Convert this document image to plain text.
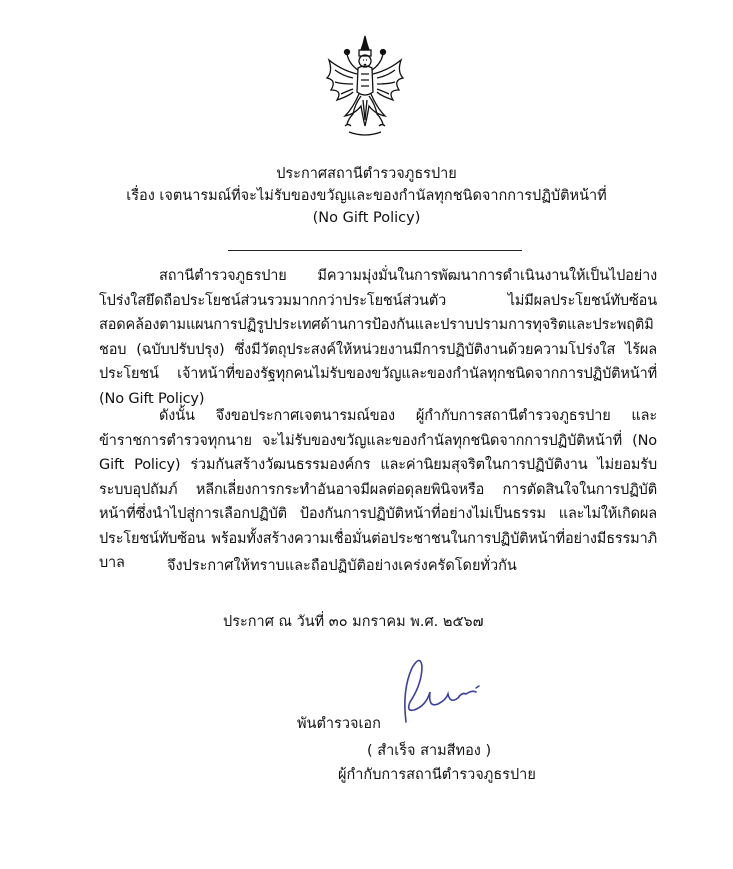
ประกาศสถานีตำรวจภูธรปาย
เรื่อง เจตนารมณ์ที่จะไม่รับของขวัญและของกำนัลทุกชนิดจากการปฏิบัติหน้าที่
(No Gift Policy)
สถานีตำรวจภูธรปาย มีความมุ่งมั่นในการพัฒนาการดำเนินงานให้เป็นไปอย่างโปร่งใสยึดถือประโยชน์ส่วนรวมมากกว่าประโยชน์ส่วนตัว ไม่มีผลประโยชน์ทับซ้อน สอดคล้องตามแผนการปฏิรูปประเทศด้านการป้องกันและปราบปรามการทุจริตและประพฤติมิชอบ (ฉบับปรับปรุง) ซึ่งมีวัตถุประสงค์ให้หน่วยงานมีการปฏิบัติงานด้วยความโปร่งใส ไร้ผลประโยชน์ เจ้าหน้าที่ของรัฐทุกคนไม่รับของขวัญและของกำนัลทุกชนิดจากการปฏิบัติหน้าที่ (No Gift Policy)
ดังนั้น จึงขอประกาศเจตนารมณ์ของ ผู้กำกับการสถานีตำรวจภูธรปาย และข้าราชการตำรวจทุกนาย จะไม่รับของขวัญและของกำนัลทุกชนิดจากการปฏิบัติหน้าที่ (No Gift Policy) ร่วมกันสร้างวัฒนธรรมองค์กร และค่านิยมสุจริตในการปฏิบัติงาน ไม่ยอมรับระบบอุปถัมภ์ หลีกเลี่ยงการกระทำอันอาจมีผลต่อดุลยพินิจหรือ การตัดสินใจในการปฏิบัติหน้าที่ซึ่งนำไปสู่การเลือกปฏิบัติ ป้องกันการปฏิบัติหน้าที่อย่างไม่เป็นธรรม และไม่ให้เกิดผลประโยชน์ทับซ้อน พร้อมทั้งสร้างความเชื่อมั่นต่อประชาชนในการปฏิบัติหน้าที่อย่างมีธรรมาภิบาล	จึงประกาศให้ทราบและถือปฏิบัติอย่างเคร่งครัดโดยทั่วกัน
ประกาศ ณ วันที่ ๓๐ มกราคม พ.ศ. ๒๕๖๗
พันตำรวจเอก
( สำเร็จ สามสีทอง )
ผู้กำกับการสถานีตำรวจภูธรปาย
